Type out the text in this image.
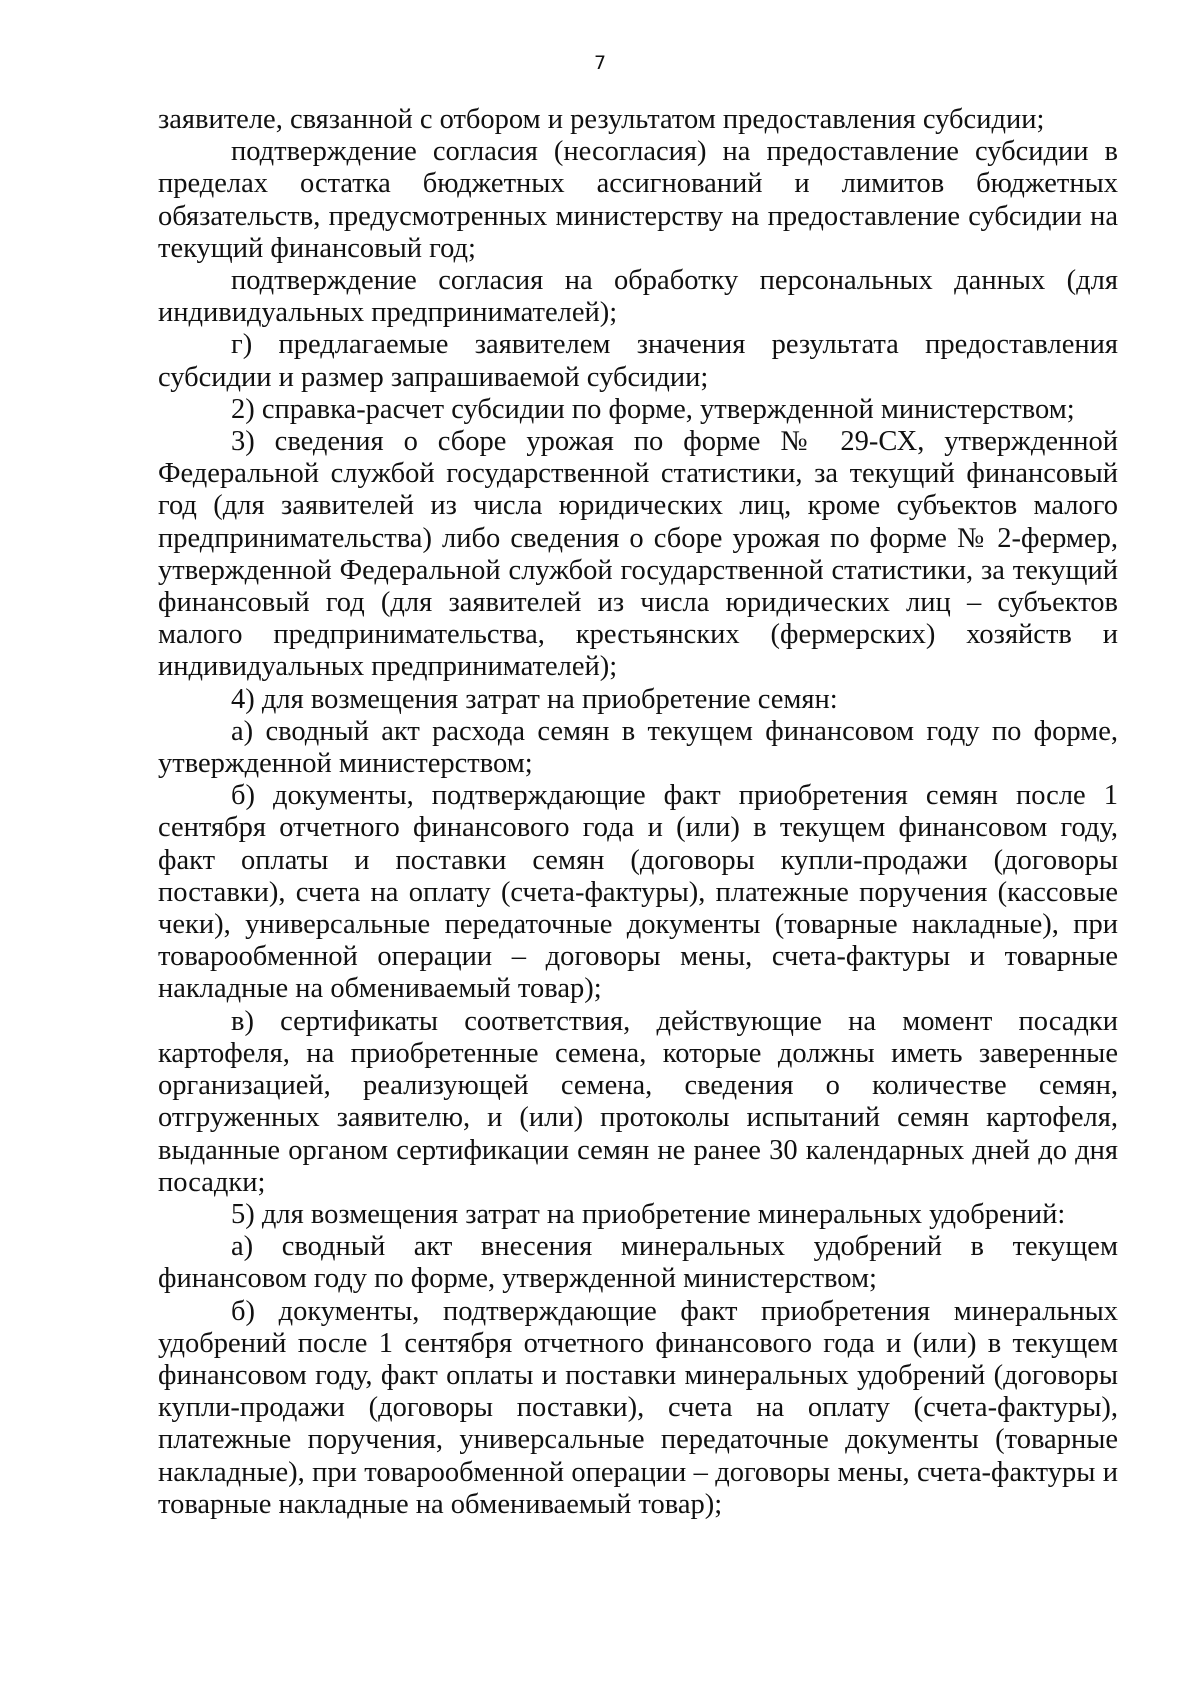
7

заявителе, связанной с отбором и результатом предоставления субсидии;

подтверждение согласия (несогласия) на предоставление субсидии в пределах остатка бюджетных ассигнований и лимитов бюджетных обязательств, предусмотренных министерству на предоставление субсидии на текущий финансовый год;

подтверждение согласия на обработку персональных данных (для индивидуальных предпринимателей);

г) предлагаемые заявителем значения результата предоставления субсидии и размер запрашиваемой субсидии;

2) справка-расчет субсидии по форме, утвержденной министерством;

3) сведения о сборе урожая по форме № 29-СХ, утвержденной Федеральной службой государственной статистики, за текущий финансовый год (для заявителей из числа юридических лиц, кроме субъектов малого предпринимательства) либо сведения о сборе урожая по форме № 2-фермер, утвержденной Федеральной службой государственной статистики, за текущий финансовый год (для заявителей из числа юридических лиц – субъектов малого предпринимательства, крестьянских (фермерских) хозяйств и индивидуальных предпринимателей);

4) для возмещения затрат на приобретение семян:

а) сводный акт расхода семян в текущем финансовом году по форме, утвержденной министерством;

б) документы, подтверждающие факт приобретения семян после 1 сентября отчетного финансового года и (или) в текущем финансовом году, факт оплаты и поставки семян (договоры купли-продажи (договоры поставки), счета на оплату (счета-фактуры), платежные поручения (кассовые чеки), универсальные передаточные документы (товарные накладные), при товарообменной операции – договоры мены, счета-фактуры и товарные накладные на обмениваемый товар);

в) сертификаты соответствия, действующие на момент посадки картофеля, на приобретенные семена, которые должны иметь заверенные организацией, реализующей семена, сведения о количестве семян, отгруженных заявителю, и (или) протоколы испытаний семян картофеля, выданные органом сертификации семян не ранее 30 календарных дней до дня посадки;

5) для возмещения затрат на приобретение минеральных удобрений:

а) сводный акт внесения минеральных удобрений в текущем финансовом году по форме, утвержденной министерством;

б) документы, подтверждающие факт приобретения минеральных удобрений после 1 сентября отчетного финансового года и (или) в текущем финансовом году, факт оплаты и поставки минеральных удобрений (договоры купли-продажи (договоры поставки), счета на оплату (счета-фактуры), платежные поручения, универсальные передаточные документы (товарные накладные), при товарообменной операции – договоры мены, счета-фактуры и товарные накладные на обмениваемый товар);
